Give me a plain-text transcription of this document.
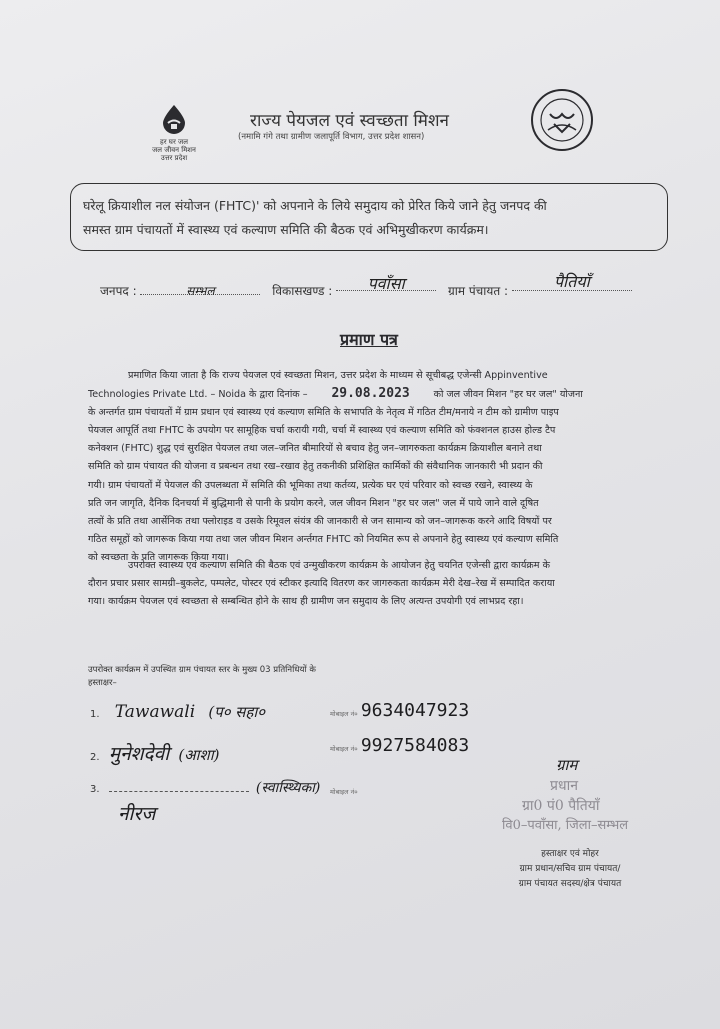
हर घर जल
जल जीवन मिशन
उत्तर प्रदेश
राज्य पेयजल एवं स्वच्छता मिशन
(नमामि गंगे तथा ग्रामीण जलापूर्ति विभाग, उत्तर प्रदेश शासन)
घरेलू क्रियाशील नल संयोजन (FHTC)' को अपनाने के लिये समुदाय को प्रेरित किये जाने हेतु जनपद की
समस्त ग्राम पंचायतों में स्वास्थ्य एवं कल्याण समिति की बैठक एवं अभिमुखीकरण कार्यक्रम।
जनपद :	सम्भल	विकासखण्ड : पवाँसा	ग्राम पंचायत :	पैतियाँ
प्रमाण पत्र
प्रमाणित किया जाता है कि राज्य पेयजल एवं स्वच्छता मिशन, उत्तर प्रदेश के माध्यम से सूचीबद्ध एजेन्सी Appinventive
Technologies Private Ltd. – Noida के द्वारा दिनांक – 29.08.2023 को जल जीवन मिशन "हर घर जल" योजना
के अन्तर्गत ग्राम पंचायतों में ग्राम प्रधान एवं स्वास्थ्य एवं कल्याण समिति के सभापति के नेतृत्व में गठित टीम/मनाये न टीम को ग्रामीण पाइप
पेयजल आपूर्ति तथा FHTC के उपयोग पर सामूहिक चर्चा करायी गयी, चर्चा में स्वास्थ्य एवं कल्याण समिति को फंक्शनल हाउस होल्ड टैप
कनेक्शन (FHTC) शुद्ध एवं सुरक्षित पेयजल तथा जल–जनित बीमारियों से बचाव हेतु जन–जागरुकता कार्यक्रम क्रियाशील बनाने तथा
समिति को ग्राम पंचायत की योजना व प्रबन्धन तथा रख–रखाव हेतु तकनीकी प्रशिक्षित कार्मिकों की संवैधानिक जानकारी भी प्रदान की
गयी। ग्राम पंचायतों में पेयजल की उपलब्धता में समिति की भूमिका तथा कर्तव्य, प्रत्येक घर एवं परिवार को स्वच्छ रखने, स्वास्थ्य के
प्रति जन जागृति, दैनिक दिनचर्या में बुद्धिमानी से पानी के प्रयोग करने, जल जीवन मिशन "हर घर जल" जल में पाये जाने वाले दूषित
तत्वों के प्रति तथा आर्सेनिक तथा फ्लोराइड व उसके रिमूवल संयंत्र की जानकारी से जन सामान्य को जन–जागरूक करने आदि विषयों पर
गठित समूहों को जागरूक किया गया तथा जल जीवन मिशन अर्न्तगत FHTC को नियमित रूप से अपनाने हेतु स्वास्थ्य एवं कल्याण समिति
को स्वच्छता के प्रति जागरूक किया गया।
उपरोक्त स्वास्थ्य एवं कल्याण समिति की बैठक एवं उन्मुखीकरण कार्यक्रम के आयोजन हेतु चयनित एजेन्सी द्वारा कार्यक्रम के
दौरान प्रचार प्रसार सामग्री–बुकलेट, पम्पलेट, पोस्टर एवं स्टीकर इत्यादि वितरण कर जागरुकता कार्यक्रम मेरी देख–रेख में सम्पादित कराया
गया। कार्यक्रम पेयजल एवं स्वच्छता से सम्बन्धित होने के साथ ही ग्रामीण जन समुदाय के लिए अत्यन्त उपयोगी एवं लाभप्रद रहा।
उपरोक्त कार्यक्रम में उपस्थित ग्राम पंचायत स्तर के मुख्य 03 प्रतिनिधियों के
हस्ताक्षर–
1. Tawawali (प० सहा०	मोबाइल नं० 9634047923
2. मुनेशदेवी (आशा)	मोबाइल नं० 9927584083
3.	(स्वास्थ्यिका) मोबाइल नं०
नीरज
ग्राम
प्रधान
ग्रा0 पं0 पैतियाँ
वि0–पवाँसा, जिला–सम्भल
हस्ताक्षर एवं मोहर
ग्राम प्रधान/सचिव ग्राम पंचायत/
ग्राम पंचायत सदस्य/क्षेत्र पंचायत
